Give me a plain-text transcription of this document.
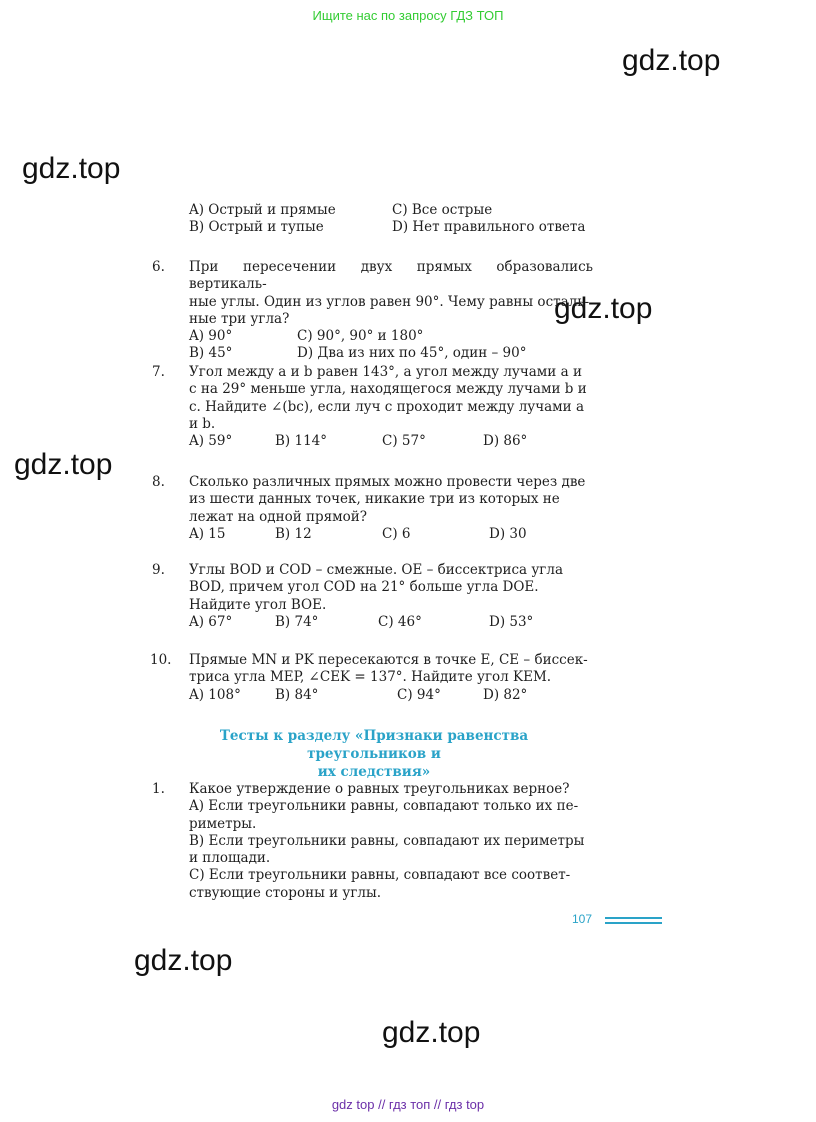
Ищите нас по запросу ГДЗ ТОП
gdz.top
gdz.top
gdz.top
gdz.top
gdz.top
gdz.top
A) Острый и прямые	C) Все острые
B) Острый и тупые	D) Нет правильного ответа
6. При пересечении двух прямых образовались вертикаль-
ные углы. Один из углов равен 90°. Чему равны осталь-
ные три угла?
A) 90°	C) 90°, 90° и 180°
B) 45°	D) Два из них по 45°, один – 90°
7. Угол между a и b равен 143°, а угол между лучами a и
c на 29° меньше угла, находящегося между лучами b и
c. Найдите ∠(bc), если луч c проходит между лучами a
и b.
A) 59°	B) 114°	C) 57°	D) 86°
8. Сколько различных прямых можно провести через две
из шести данных точек, никакие три из которых не
лежат на одной прямой?
A) 15	B) 12	C) 6	D) 30
9. Углы BOD и COD – смежные. OE – биссектриса угла
BOD, причем угол COD на 21° больше угла DOE.
Найдите угол BOE.
A) 67°	B) 74°	C) 46°	D) 53°
10. Прямые MN и PK пересекаются в точке E, CE – биссек-
триса угла MEP, ∠CEK = 137°. Найдите угол KEM.
A) 108°	B) 84°	C) 94°	D) 82°
Тесты к разделу «Признаки равенства треугольников и
их следствия»
1. Какое утверждение о равных треугольниках верное?
A) Если треугольники равны, совпадают только их пе-
риметры.
B) Если треугольники равны, совпадают их периметры
и площади.
C) Если треугольники равны, совпадают все соответ-
ствующие стороны и углы.
107
gdz top // гдз топ // гдз top
